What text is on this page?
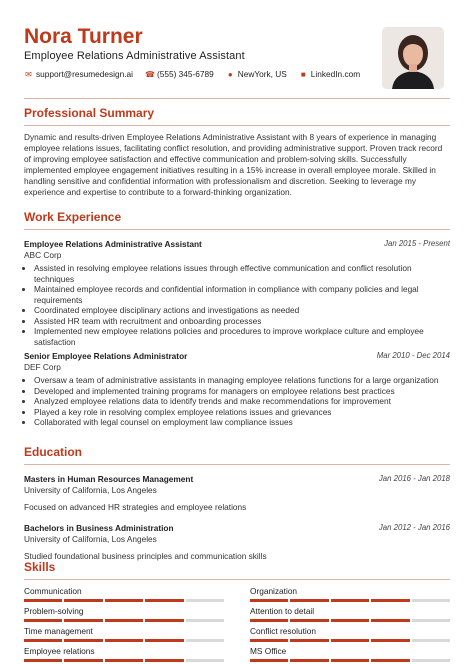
Nora Turner
Employee Relations Administrative Assistant
✉ support@resumedesign.ai ☎ (555) 345-6789 ● NewYork, US ■ LinkedIn.com
Professional Summary
Dynamic and results-driven Employee Relations Administrative Assistant with 8 years of experience in managing employee relations issues, facilitating conflict resolution, and providing administrative support. Proven track record of improving employee satisfaction and effective communication and problem-solving skills. Successfully implemented employee engagement initiatives resulting in a 15% increase in overall employee morale. Skilled in handling sensitive and confidential information with professionalism and discretion. Seeking to leverage my experience and expertise to contribute to a forward-thinking organization.
Work Experience
Employee Relations Administrative Assistant	Jan 2015 - Present
ABC Corp
• Assisted in resolving employee relations issues through effective communication and conflict resolution techniques
• Maintained employee records and confidential information in compliance with company policies and legal requirements
• Coordinated employee disciplinary actions and investigations as needed
• Assisted HR team with recruitment and onboarding processes
• Implemented new employee relations policies and procedures to improve workplace culture and employee satisfaction
Senior Employee Relations Administrator	Mar 2010 - Dec 2014
DEF Corp
• Oversaw a team of administrative assistants in managing employee relations functions for a large organization
• Developed and implemented training programs for managers on employee relations best practices
• Analyzed employee relations data to identify trends and make recommendations for improvement
• Played a key role in resolving complex employee relations issues and grievances
• Collaborated with legal counsel on employment law compliance issues
Education
Masters in Human Resources Management	Jan 2016 - Jan 2018
University of California, Los Angeles
Focused on advanced HR strategies and employee relations
Bachelors in Business Administration	Jan 2012 - Jan 2016
University of California, Los Angeles
Studied foundational business principles and communication skills
Skills
Communication	Organization
Problem-solving	Attention to detail
Time management	Conflict resolution
Employee relations	MS Office
